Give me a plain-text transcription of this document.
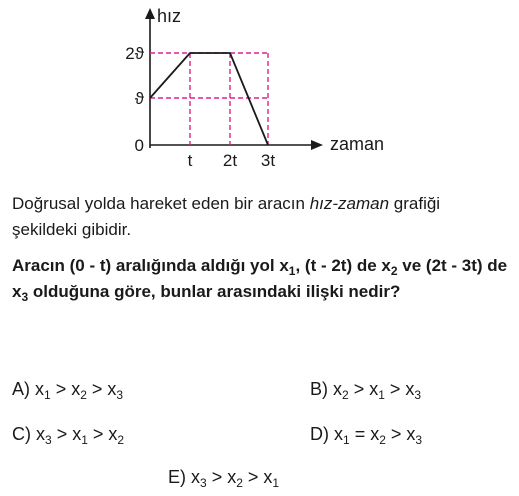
hız
zaman
2ϑ
ϑ
0
t 2t 3t

Doğrusal yolda hareket eden bir aracın hız-zaman grafiği şekildeki gibidir.

Aracın (0 - t) aralığında aldığı yol $x_1$, (t - 2t) de $x_2$ ve (2t - 3t) de $x_3$ olduğuna göre, bunlar arasındaki ilişki nedir?

A) $x_1 > x_2 > x_3$	B) $x_2 > x_1 > x_3$
C) $x_3 > x_1 > x_2$	D) $x_1 = x_2 > x_3$
E) $x_3 > x_2 > x_1$
